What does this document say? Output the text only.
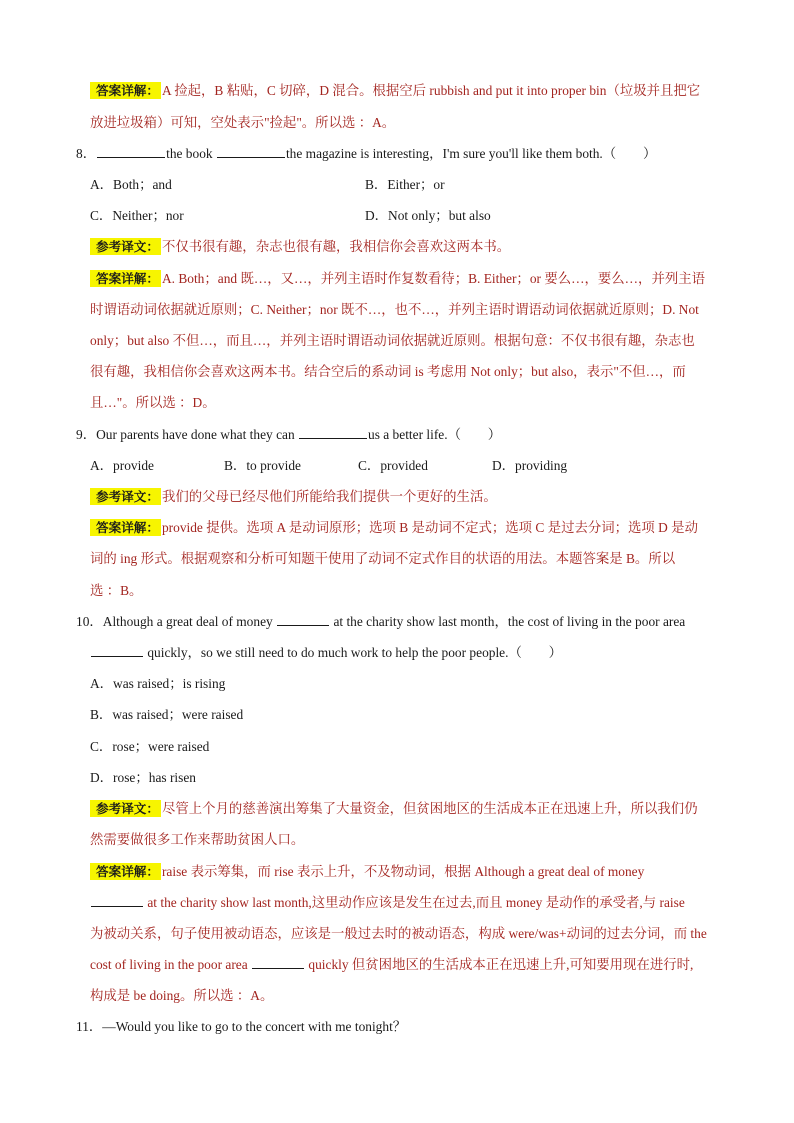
答案详解： A 捡起，B 粘贴，C 切碎，D 混合。根据空后 rubbish and put it into proper bin（垃圾并且把它
放进垃圾箱）可知，空处表示"捡起"。所以选 ：A。
8．	the book	the magazine is interesting，I'm sure you'll like them both.（　　）
A．Both；and	B．Either；or
C．Neither；nor	D．Not only；but also
参考译文： 不仅书很有趣，杂志也很有趣，我相信你会喜欢这两本书。
答案详解： A. Both；and 既…，又…，并列主语时作复数看待；B. Either；or 要么…，要么…，并列主语
时谓语动词依据就近原则；C. Neither；nor 既不…，也不…，并列主语时谓语动词依据就近原则；D. Not
only；but also 不但…，而且…，并列主语时谓语动词依据就近原则。根据句意：不仅书很有趣，杂志也
很有趣，我相信你会喜欢这两本书。结合空后的系动词 is 考虑用 Not only；but also，表示"不但…，而
且…"。所以选 ：D。
9．Our parents have done what they can	us a better life.（　　）
A．provide	B．to provide	C．provided	D．providing
参考译文： 我们的父母已经尽他们所能给我们提供一个更好的生活。
答案详解： provide 提供。选项 A 是动词原形；选项 B 是动词不定式；选项 C 是过去分词；选项 D 是动
词的 ing 形式。根据观察和分析可知题干使用了动词不定式作目的状语的用法。本题答案是 B。所以
选 ：B。
10．Although a great deal of money	at the charity show last month，the cost of living in the poor area
quickly，so we still need to do much work to help the poor people.（　　）
A．was raised；is rising
B．was raised；were raised
C．rose；were raised
D．rose；has risen
参考译文： 尽管上个月的慈善演出筹集了大量资金，但贫困地区的生活成本正在迅速上升，所以我们仍
然需要做很多工作来帮助贫困人口。
答案详解： raise 表示筹集，而 rise 表示上升，不及物动词，根据 Although a great deal of money
at the charity show last month,这里动作应该是发生在过去,而且 money 是动作的承受者,与 raise
为被动关系，句子使用被动语态，应该是一般过去时的被动语态，构成 were/was+动词的过去分词，而 the
cost of living in the poor area	quickly 但贫困地区的生活成本正在迅速上升,可知要用现在进行时,
构成是 be doing。所以选 ：A。
11．—Would you like to go to the concert with me tonight？
